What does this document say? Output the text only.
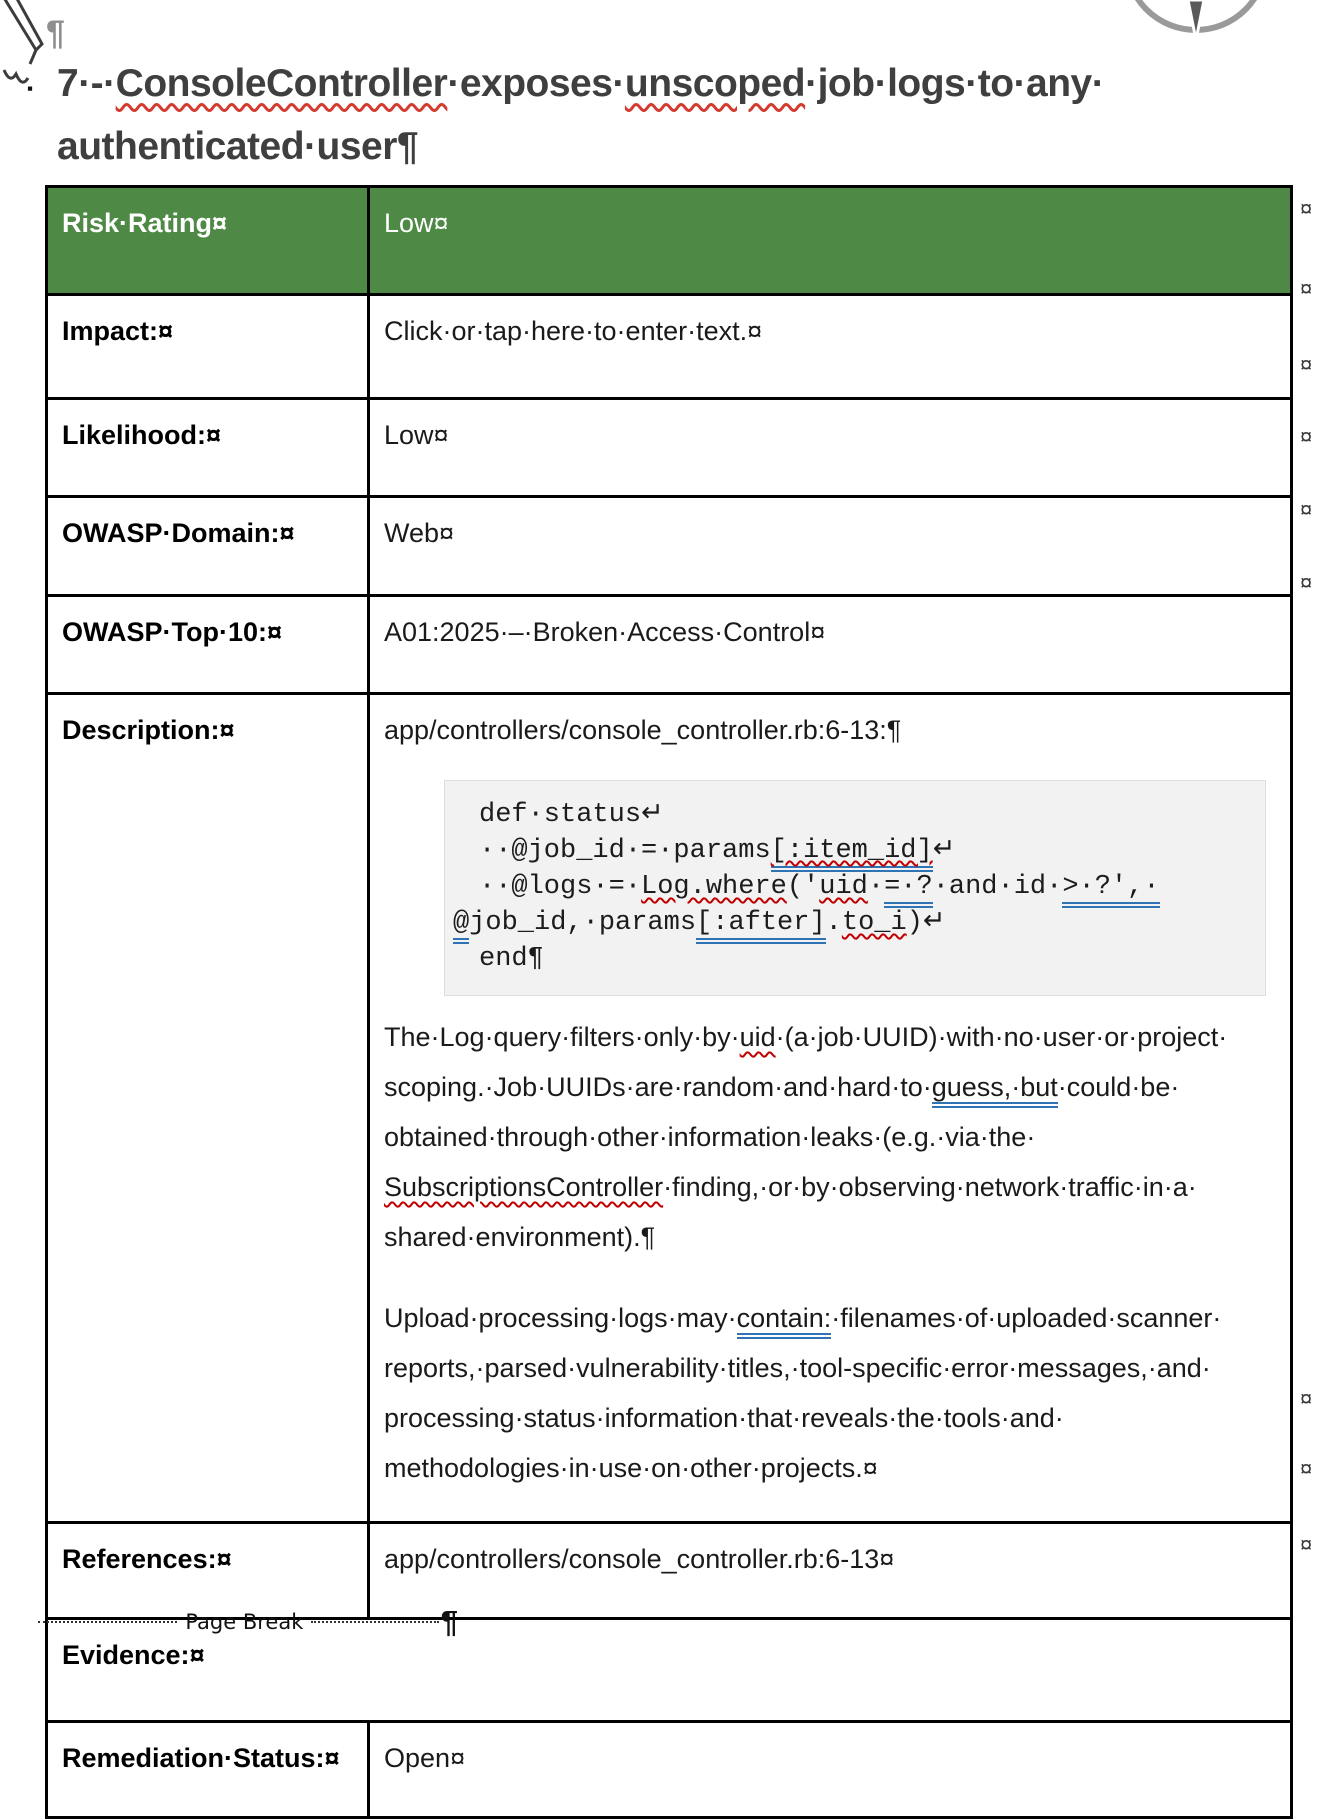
¶
▪ 7·-·ConsoleController·exposes·unscoped·job·logs·to·any·
authenticated·user¶
Risk·Rating¤	Low¤
Impact:¤	Click·or·tap·here·to·enter·text.¤
Likelihood:¤	Low¤
OWASP·Domain:¤	Web¤
OWASP·Top·10:¤	A01:2025·–·Broken·Access·Control¤
Description:¤	app/controllers/console_controller.rb:6-13:¶
def·status↵
··@job_id·=·params[:item_id]↵
··@logs·=·Log.where('uid·=·?·and·id·>·?',·
@job_id,·params[:after].to_i)↵
end¶
The·Log·query·filters·only·by·uid·(a·job·UUID)·with·no·user·or·project·
scoping.·Job·UUIDs·are·random·and·hard·to·guess,·but·could·be·
obtained·through·other·information·leaks·(e.g.·via·the·
SubscriptionsController·finding,·or·by·observing·network·traffic·in·a·
shared·environment).¶
Upload·processing·logs·may·contain:·filenames·of·uploaded·scanner·
reports,·parsed·vulnerability·titles,·tool-specific·error·messages,·and·
processing·status·information·that·reveals·the·tools·and·
methodologies·in·use·on·other·projects.¤

References:¤	app/controllers/console_controller.rb:6-13¤
Evidence:¤	
Remediation·Status:¤	Open¤
¤
¤
¤
¤
¤
¤
¤
¤
¤
Page Break	¶
